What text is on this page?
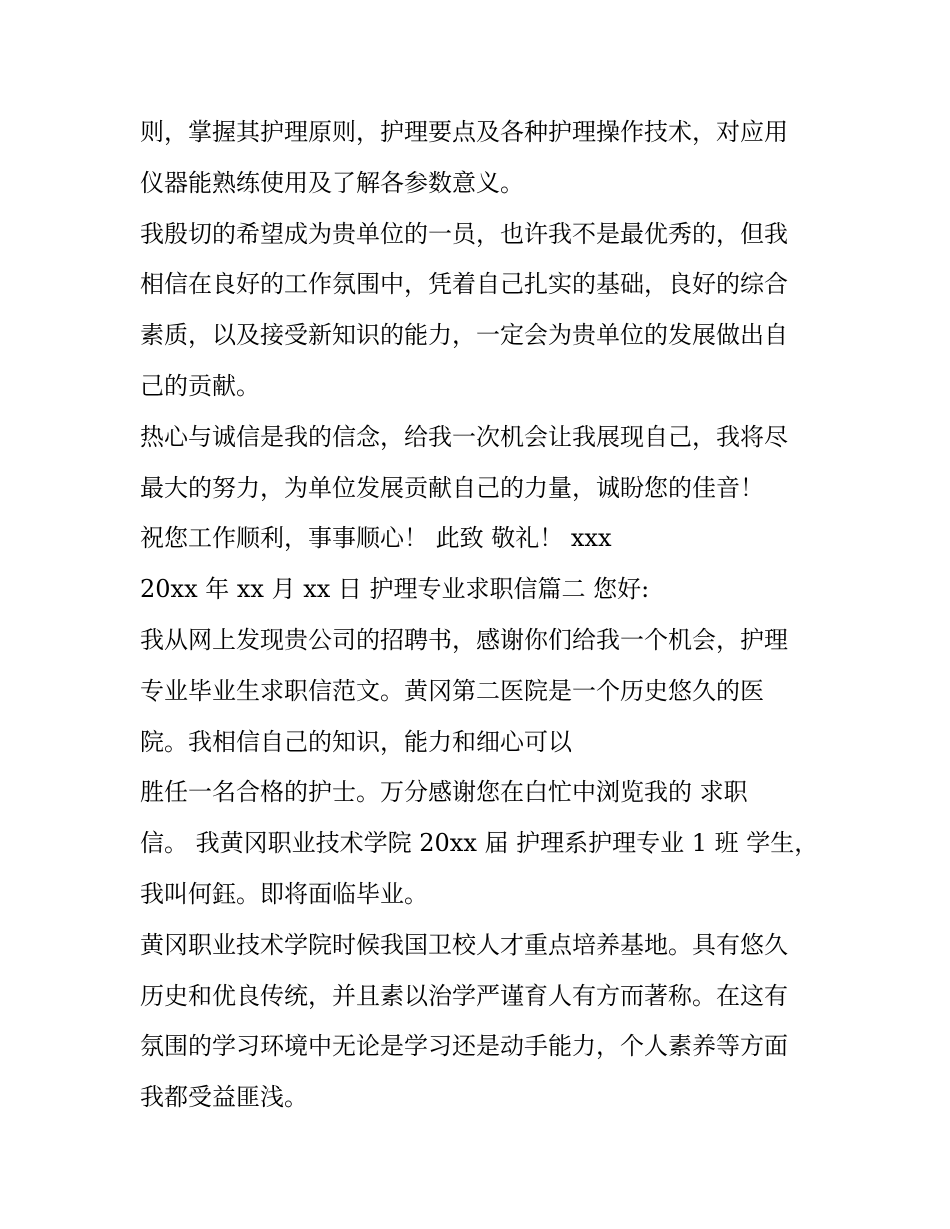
则，掌握其护理原则，护理要点及各种护理操作技术，对应用
仪器能熟练使用及了解各参数意义。
我殷切的希望成为贵单位的一员，也许我不是最优秀的，但我
相信在良好的工作氛围中，凭着自己扎实的基础，良好的综合
素质，以及接受新知识的能力，一定会为贵单位的发展做出自
己的贡献。
热心与诚信是我的信念，给我一次机会让我展现自己，我将尽
最大的努力，为单位发展贡献自己的力量，诚盼您的佳音！
祝您工作顺利，事事顺心！ 此致 敬礼！ xxx
20xx 年 xx 月 xx 日 护理专业求职信篇二 您好:
我从网上发现贵公司的招聘书，感谢你们给我一个机会，护理
专业毕业生求职信范文。黄冈第二医院是一个历史悠久的医
院。我相信自己的知识，能力和细心可以
胜任一名合格的护士。万分感谢您在白忙中浏览我的 求职
信。 我黄冈职业技术学院 20xx 届 护理系护理专业 1 班 学生，
我叫何鈺。即将面临毕业。
黄冈职业技术学院时候我国卫校人才重点培养基地。具有悠久
历史和优良传统，并且素以治学严谨育人有方而著称。在这有
氛围的学习环境中无论是学习还是动手能力，个人素养等方面
我都受益匪浅。
